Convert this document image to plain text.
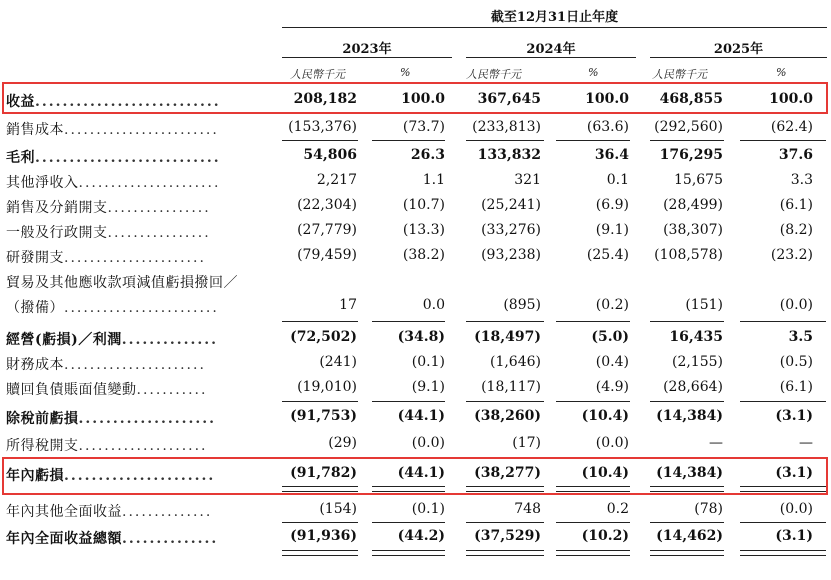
截至12月31日止年度
2023年	2024年	2025年
人民幣千元	%	人民幣千元	%	人民幣千元	%
收益...........................	208,182	100.0 367,645	100.0 468,855	100.0
銷售成本........................	(153,376)	(73.7) (233,813)	(63.6) (292,560)	(62.4)
毛利...........................	54,806	26.3 133,832	36.4 176,295	37.6
其他淨收入......................	2,217	1.1	321	0.1	15,675	3.3
銷售及分銷開支................	(22,304)	(10.7)	(25,241)	(6.9) (28,499)	(6.1)
一般及行政開支................	(27,779)	(13.3)	(33,276)	(9.1) (38,307)	(8.2)
研發開支......................	(79,459)	(38.2)	(93,238)	(25.4) (108,578)	(23.2)
貿易及其他應收款項減值虧損撥回／
（撥備）........................	17	0.0	(895)	(0.2)	(151)	(0.0)
經營(虧損)／利潤..............	(72,502)	(34.8) (18,497)	(5.0)	16,435	3.5
財務成本......................	(241)	(0.1)	(1,646)	(0.4)	(2,155)	(0.5)
贖回負債賬面值變動...........	(19,010)	(9.1)	(18,117)	(4.9) (28,664)	(6.1)
除稅前虧損....................	(91,753)	(44.1) (38,260)	(10.4) (14,384)	(3.1)
所得稅開支....................	(29)	(0.0)	(17)	(0.0)	—	—
年內虧損......................	(91,782)	(44.1) (38,277)	(10.4) (14,384)	(3.1)
年內其他全面收益..............	(154)	(0.1)	748	0.2	(78)	(0.0)
年內全面收益總額..............	(91,936)	(44.2) (37,529)	(10.2) (14,462)	(3.1)
